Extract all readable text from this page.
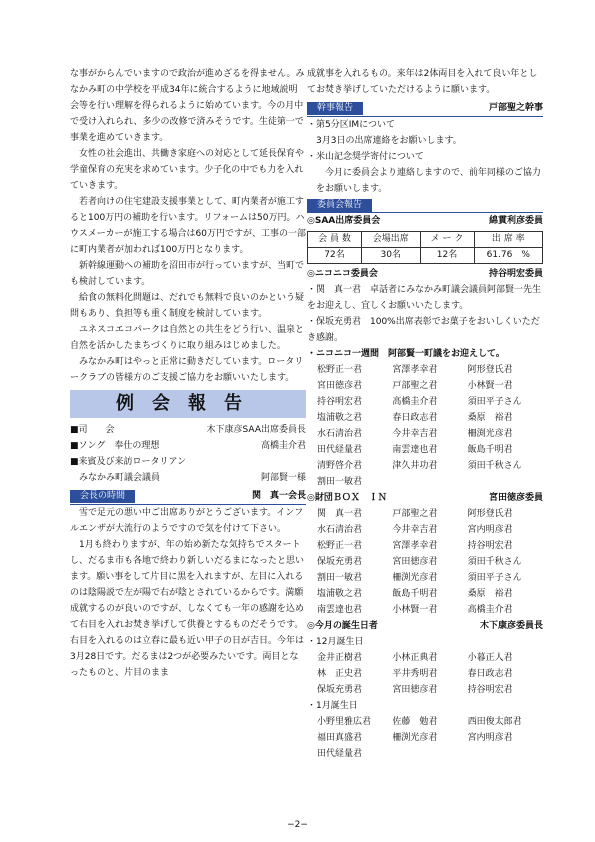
な事がからんでいますので政治が進めざるを得ません。みなかみ町の中学校を平成34年に統合するように地域説明会等を行い理解を得られるように始めています。今の月中で受け入れられ、多少の改修で済みそうです。生徒第一で事業を進めていきます。

　女性の社会進出、共働き家庭への対応として延長保育や学童保育の充実を求めています。少子化の中でも力を入れていきます。

　若者向けの住宅建設支援事業として、町内業者が施工すると100万円の補助を行います。リフォームは50万円。ハウスメーカーが施工する場合は60万円ですが、工事の一部に町内業者が加われば100万円となります。

　新幹線運動への補助を沼田市が行っていますが、当町でも検討しています。

　給食の無料化問題は、だれでも無料で良いのかという疑問もあり、負担等も重く制度を検討しています。

　ユネスコエコパークは自然との共生をどう行い、温泉と自然を活かしたまちづくりに取り組みはじめました。

　みなかみ町はやっと正常に動きだしています。ロータリークラブの皆様方のご支援ご協力をお願いいたします。

例会報告
■司　　会	木下康彦SAA出席委員長
■ソング　奉仕の理想	高橋圭介君
■来賓及び来訪ロータリアン
　みなかみ町議会議員	阿部賢一様
会長の時間	関　真一会長

　雪で足元の悪い中ご出席ありがとうございます。インフルエンザが大流行のようですので気を付けて下さい。

　1月も終わりますが、年の始め新たな気持ちでスタートし、だるま市も各地で終わり新しいだるまになったと思います。願い事をして片目に黒を入れますが、左目に入れるのは陰陽説で左が陽で右が陰とされているからです。満願成就するのが良いのですが、しなくても一年の感謝を込めて右目を入れお焚き挙げして供養とするものだそうです。右目を入れるのは立春に最も近い甲子の日が吉日。今年は3月28日です。だるまは2つが必要みたいです。両目となったものと、片目のまま

成就事を入れるもの。来年は2体両目を入れて良い年としてお焚き挙げしていただけるように願います。

幹事報告	戸部聖之幹事

・第5分区IMについて

　3月3日の出席連絡をお願いします。

・米山記念奨学寄付について

　今月に委員会より連絡しますので、前年同様のご協力をお願いします。

委員会報告
◎SAA出席委員会	綿貫利彦委員
会 員 数	会場出席	メ ー ク	出 席 率
72名	30名	12名	61.76　%
◎ニコニコ委員会	持谷明宏委員

・関　真一君　卓話者にみなかみ町議会議員阿部賢一先生をお迎えし、宜しくお願いいたします。

・保坂充勇君　100%出席表彰でお菓子をおいしくいただき感謝。

・ニコニコ一週間　阿部賢一町議をお迎えして。

松野正一君	宮澤孝幸君	阿形登氏君
宮田徳彦君	戸部聖之君	小林賢一君
持谷明宏君	高橋圭介君	須田平子さん
塩浦敬之君	春日政志君	桑原　裕君
水石清治君	今井幸吉君	柵渕光彦君
田代経量君	南雲達也君	飯島千明君
清野啓介君	津久井功君	須田千秋さん
割田一敏君
◎財団ＢＯＸ　ＩＮ	宮田徳彦委員
関　真一君	戸部聖之君	阿形登氏君
水石清治君	今井幸吉君	宮内明彦君
松野正一君	宮澤孝幸君	持谷明宏君
保坂充勇君	宮田徳彦君	須田千秋さん
割田一敏君	柵渕光彦君	須田平子さん
塩浦敬之君	飯島千明君	桑原　裕君
南雲達也君	小林賢一君	高橋圭介君
◎今月の誕生日者	木下康彦委員長

・12月誕生日

金井正樹君	小林正典君	小暮正人君
林　正史君	平井秀明君	春日政志君
保坂充勇君	宮田徳彦君	持谷明宏君

・1月誕生日

小野里雅広君	佐藤　勉君	西田俊太郎君
福田真盛君	柵渕光彦君	宮内明彦君
田代経量君
−2−
